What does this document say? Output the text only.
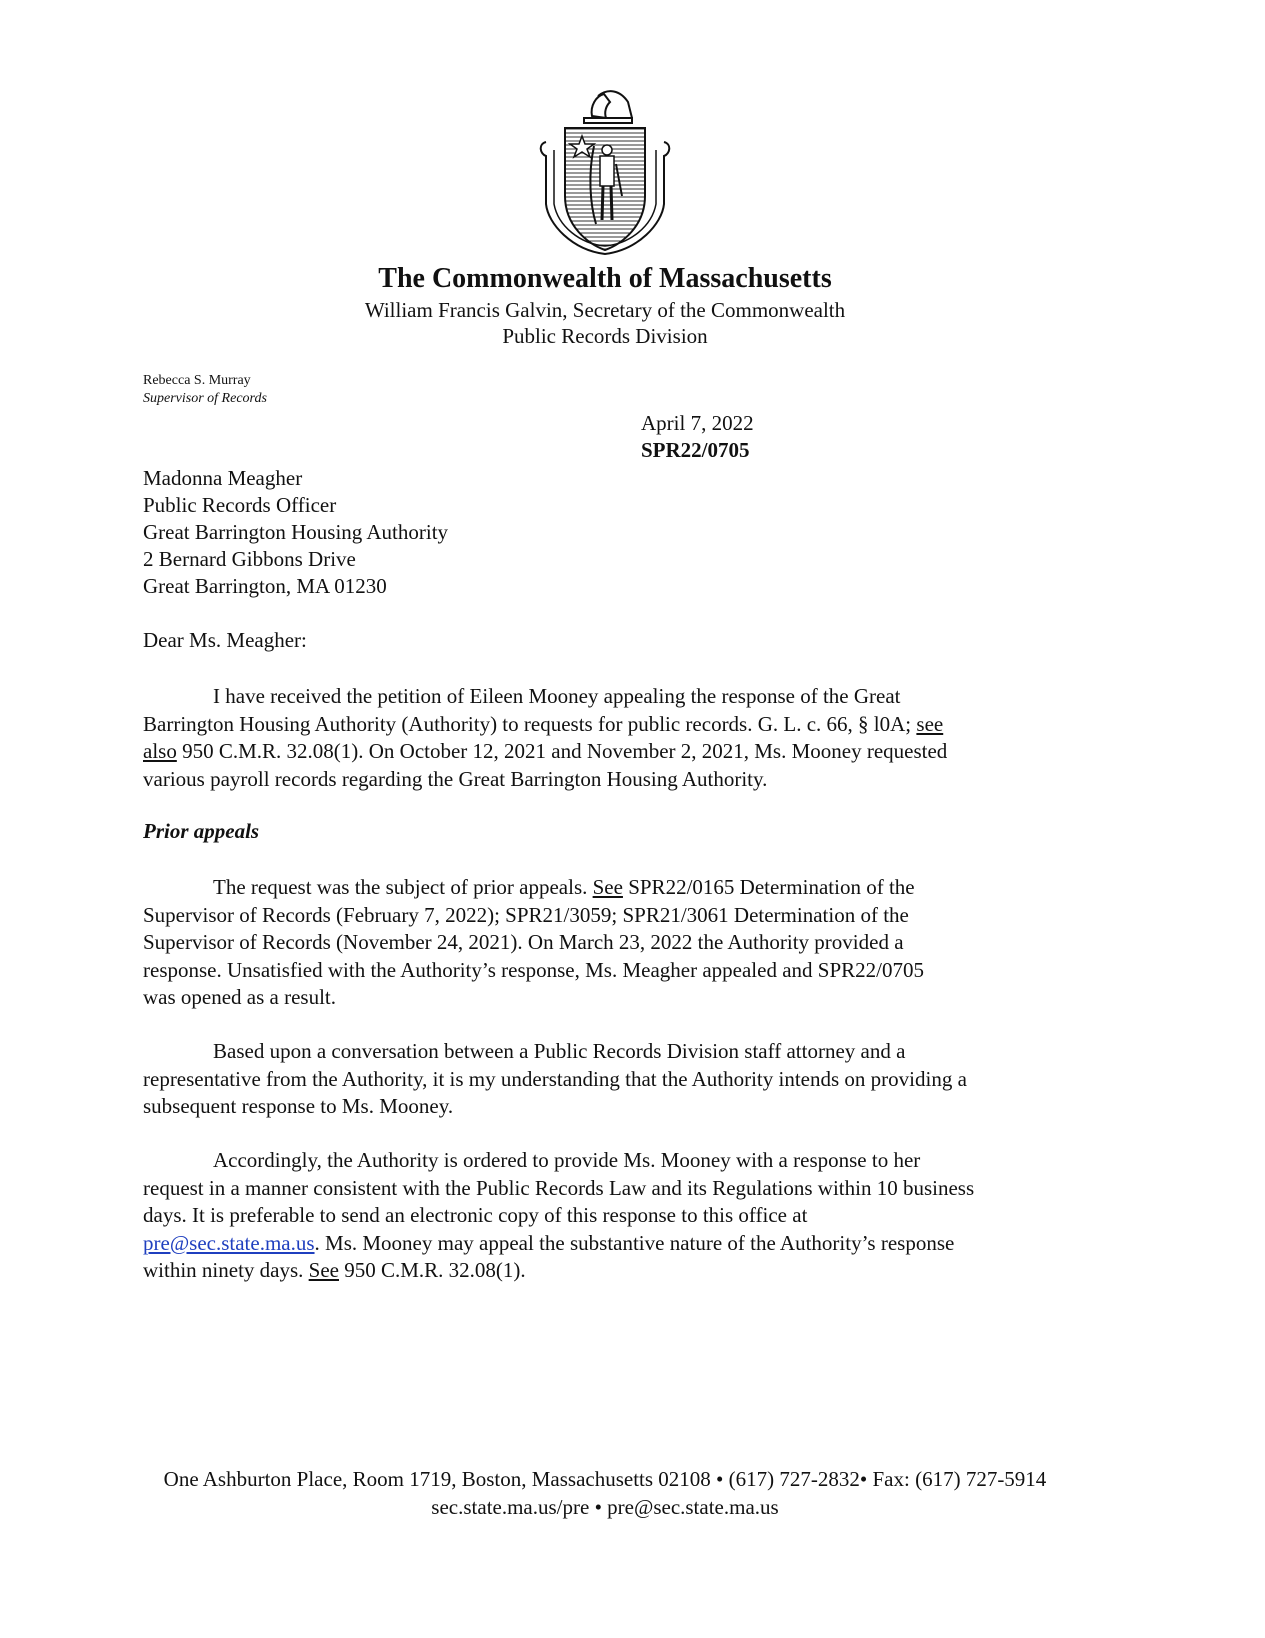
The Commonwealth of Massachusetts
William Francis Galvin, Secretary of the Commonwealth
Public Records Division
Rebecca S. Murray
Supervisor of Records
April 7, 2022
SPR22/0705
Madonna Meagher
Public Records Officer
Great Barrington Housing Authority
2 Bernard Gibbons Drive
Great Barrington, MA 01230
Dear Ms. Meagher:
I have received the petition of Eileen Mooney appealing the response of the Great
Barrington Housing Authority (Authority) to requests for public records. G. L. c. 66, § l0A; see
also 950 C.M.R. 32.08(1). On October 12, 2021 and November 2, 2021, Ms. Mooney requested
various payroll records regarding the Great Barrington Housing Authority.
Prior appeals
The request was the subject of prior appeals. See SPR22/0165 Determination of the
Supervisor of Records (February 7, 2022); SPR21/3059; SPR21/3061 Determination of the
Supervisor of Records (November 24, 2021). On March 23, 2022 the Authority provided a
response. Unsatisfied with the Authority’s response, Ms. Meagher appealed and SPR22/0705
was opened as a result.
Based upon a conversation between a Public Records Division staff attorney and a
representative from the Authority, it is my understanding that the Authority intends on providing a
subsequent response to Ms. Mooney.
Accordingly, the Authority is ordered to provide Ms. Mooney with a response to her
request in a manner consistent with the Public Records Law and its Regulations within 10 business
days. It is preferable to send an electronic copy of this response to this office at
pre@sec.state.ma.us. Ms. Mooney may appeal the substantive nature of the Authority’s response
within ninety days. See 950 C.M.R. 32.08(1).
One Ashburton Place, Room 1719, Boston, Massachusetts 02108 • (617) 727-2832• Fax: (617) 727-5914
sec.state.ma.us/pre • pre@sec.state.ma.us
